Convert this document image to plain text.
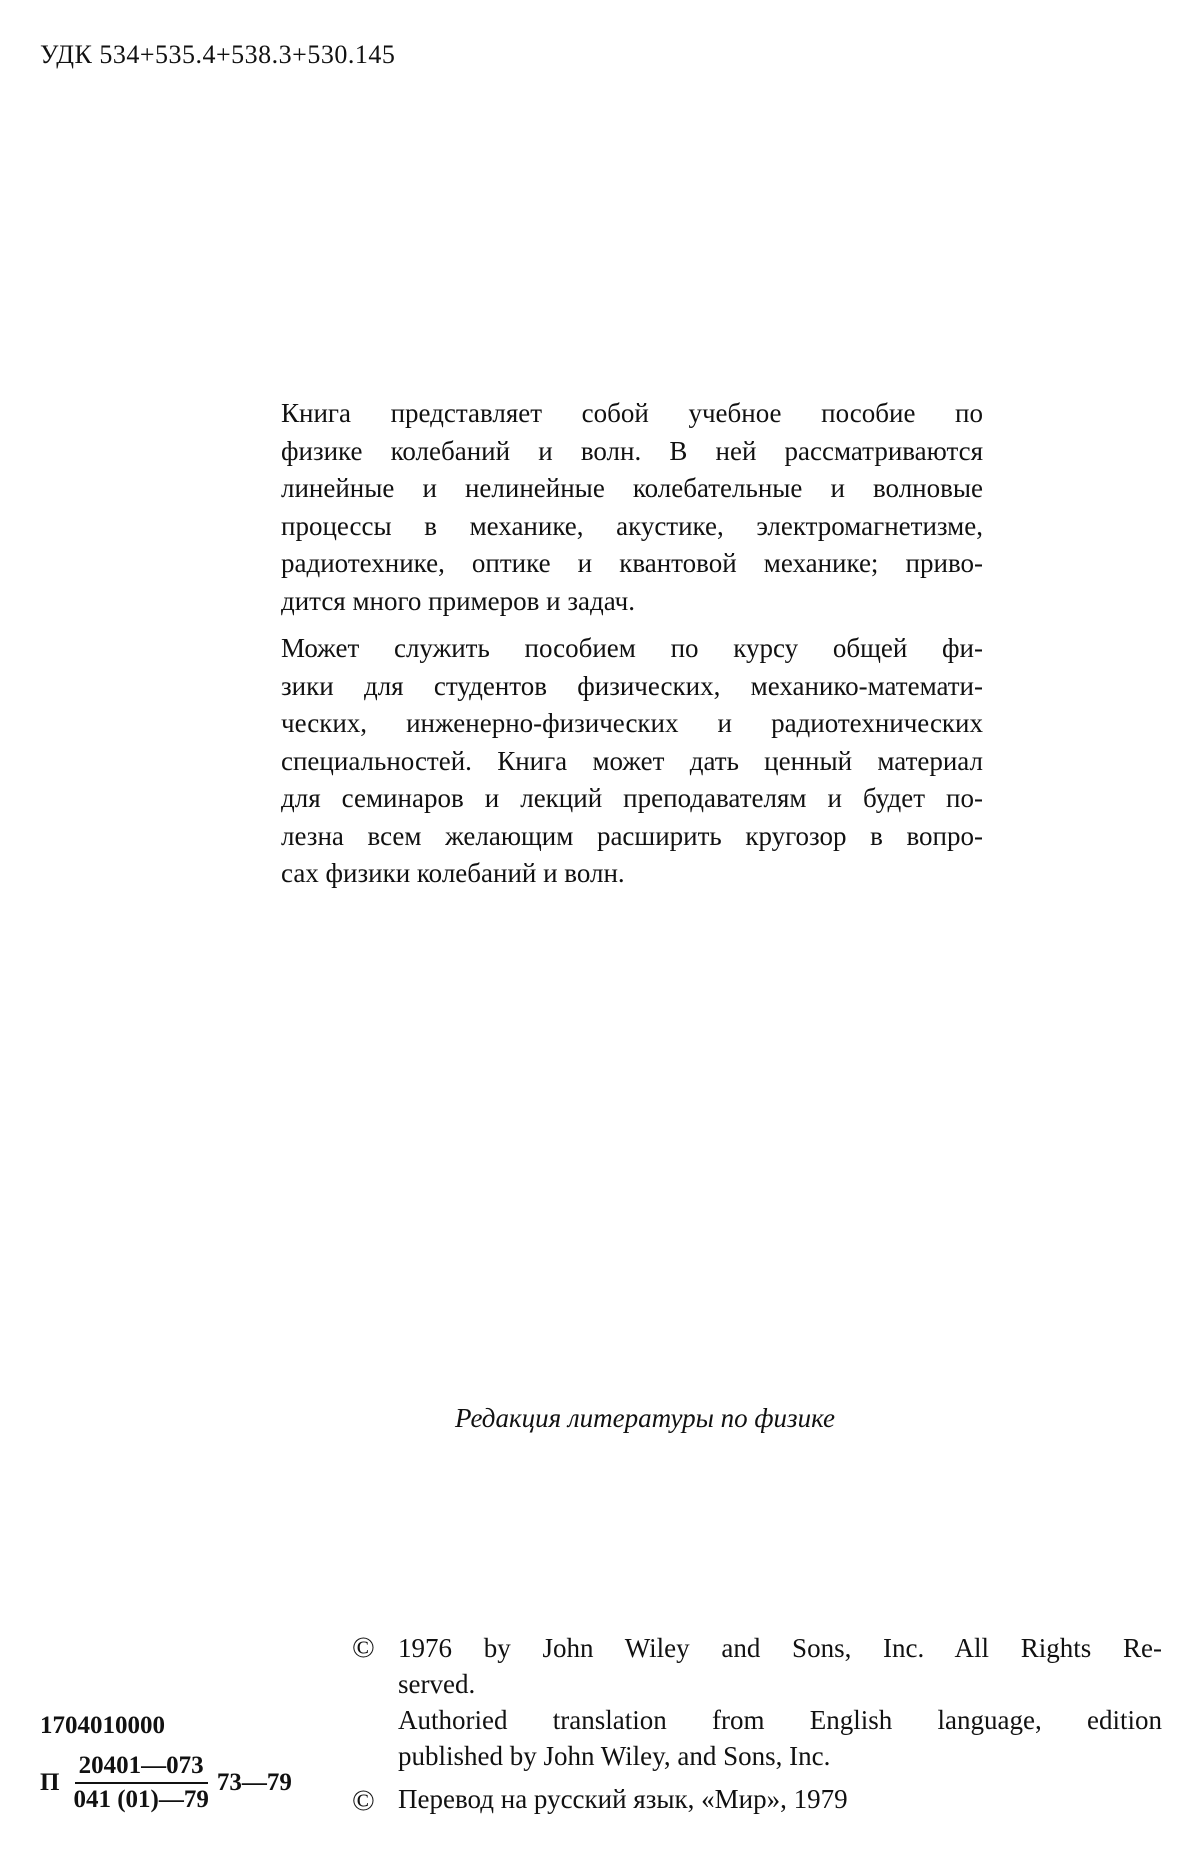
УДК 534+535.4+538.3+530.145

Книга представляет собой учебное пособие по
физике колебаний и волн. В ней рассматриваются
линейные и нелинейные колебательные и волновые
процессы в механике, акустике, электромагнетизме,
радиотехнике, оптике и квантовой механике; приво-
дится много примеров и задач.

Может служить пособием по курсу общей фи-
зики для студентов физических, механико-математи-
ческих, инженерно-физических и радиотехнических
специальностей. Книга может дать ценный материал
для семинаров и лекций преподавателям и будет по-
лезна всем желающим расширить кругозор в вопро-
сах физики колебаний и волн.

Редакция литературы по физике
© 1976 by John Wiley and Sons, Inc. All Rights Re-
served.
Authoried translation from English language, edition
published by John Wiley, and Sons, Inc.
1704010000
П $\frac{20401—073}{041 (01)—79}$ 73—79
© Перевод на русский язык, «Мир», 1979
